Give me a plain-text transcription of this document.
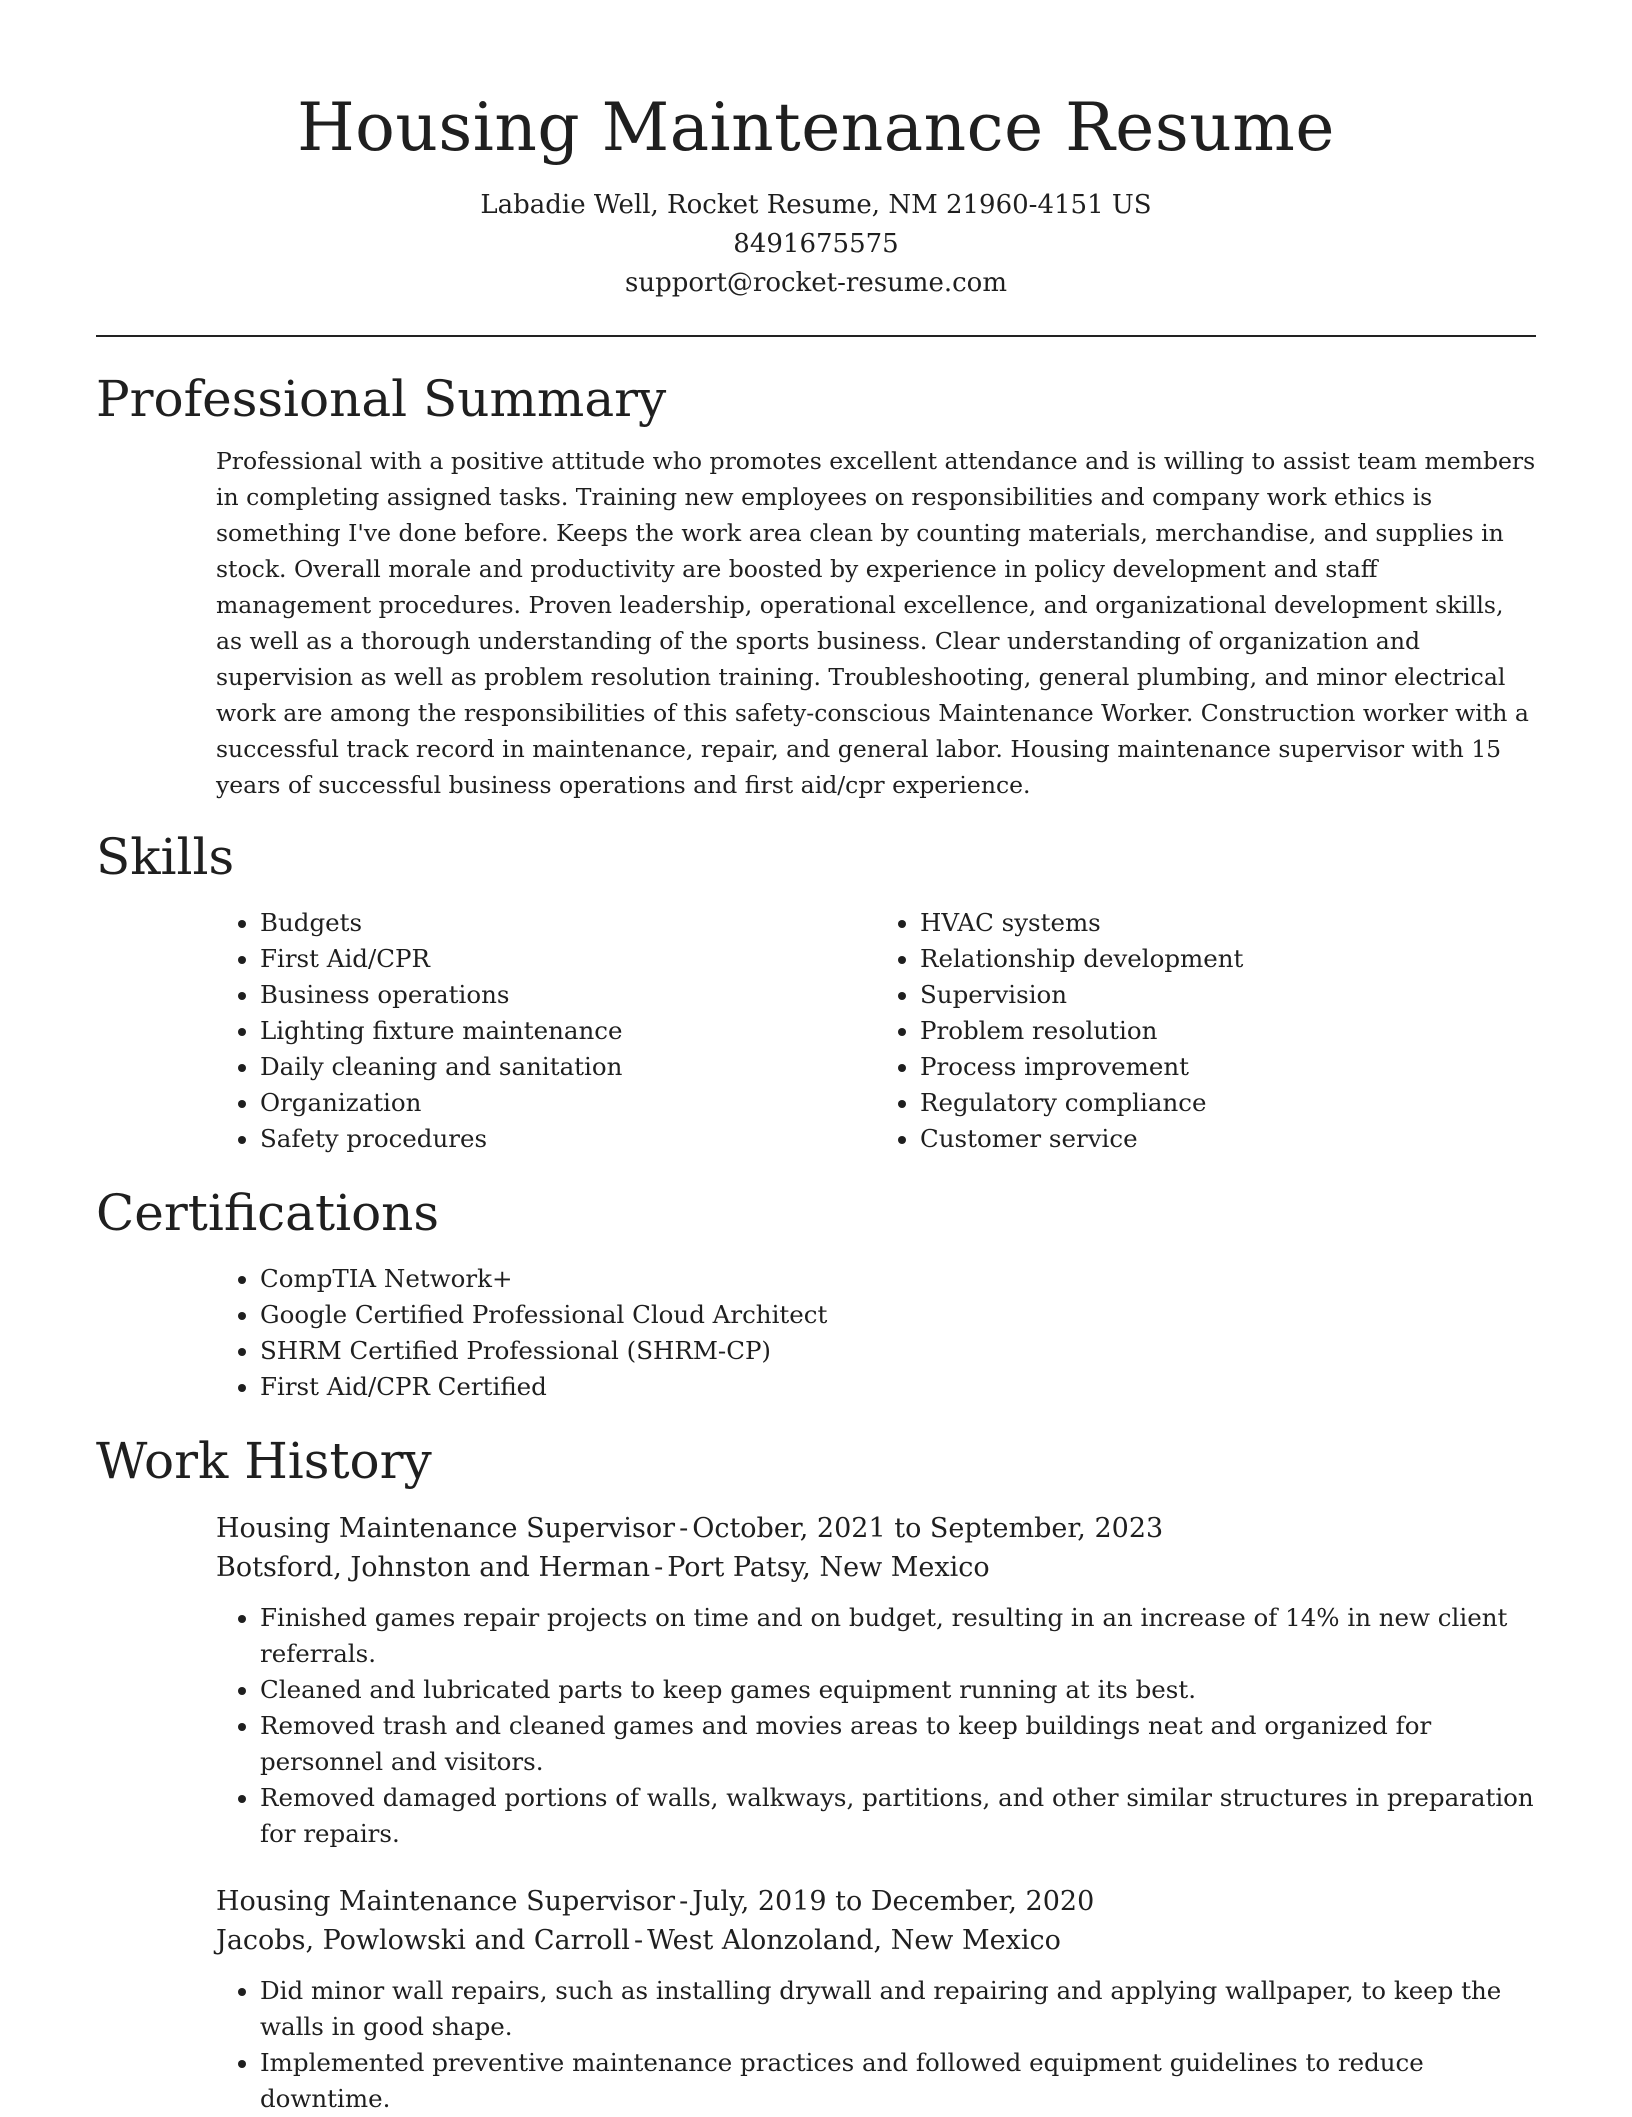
Housing Maintenance Resume
Labadie Well, Rocket Resume, NM 21960-4151 US
8491675575
support@rocket-resume.com
Professional Summary

Professional with a positive attitude who promotes excellent attendance and is willing to assist team members in completing assigned tasks. Training new employees on responsibilities and company work ethics is something I've done before. Keeps the work area clean by counting materials, merchandise, and supplies in stock. Overall morale and productivity are boosted by experience in policy development and staff management procedures. Proven leadership, operational excellence, and organizational development skills, as well as a thorough understanding of the sports business. Clear understanding of organization and supervision as well as problem resolution training. Troubleshooting, general plumbing, and minor electrical work are among the responsibilities of this safety-conscious Maintenance Worker. Construction worker with a successful track record in maintenance, repair, and general labor. Housing maintenance supervisor with 15 years of successful business operations and first aid/cpr experience.

Skills
• Budgets
• First Aid/CPR
• Business operations
• Lighting fixture maintenance
• Daily cleaning and sanitation
• Organization
• Safety procedures
• HVAC systems
• Relationship development
• Supervision
• Problem resolution
• Process improvement
• Regulatory compliance
• Customer service
Certifications
• CompTIA Network+
• Google Certified Professional Cloud Architect
• SHRM Certified Professional (SHRM-CP)
• First Aid/CPR Certified
Work History
Housing Maintenance Supervisor - October, 2021 to September, 2023
Botsford, Johnston and Herman - Port Patsy, New Mexico
• Finished games repair projects on time and on budget, resulting in an increase of 14% in new client referrals.
• Cleaned and lubricated parts to keep games equipment running at its best.
• Removed trash and cleaned games and movies areas to keep buildings neat and organized for personnel and visitors.
• Removed damaged portions of walls, walkways, partitions, and other similar structures in preparation for repairs.
Housing Maintenance Supervisor - July, 2019 to December, 2020
Jacobs, Powlowski and Carroll - West Alonzoland, New Mexico
• Did minor wall repairs, such as installing drywall and repairing and applying wallpaper, to keep the walls in good shape.
• Implemented preventive maintenance practices and followed equipment guidelines to reduce downtime.
